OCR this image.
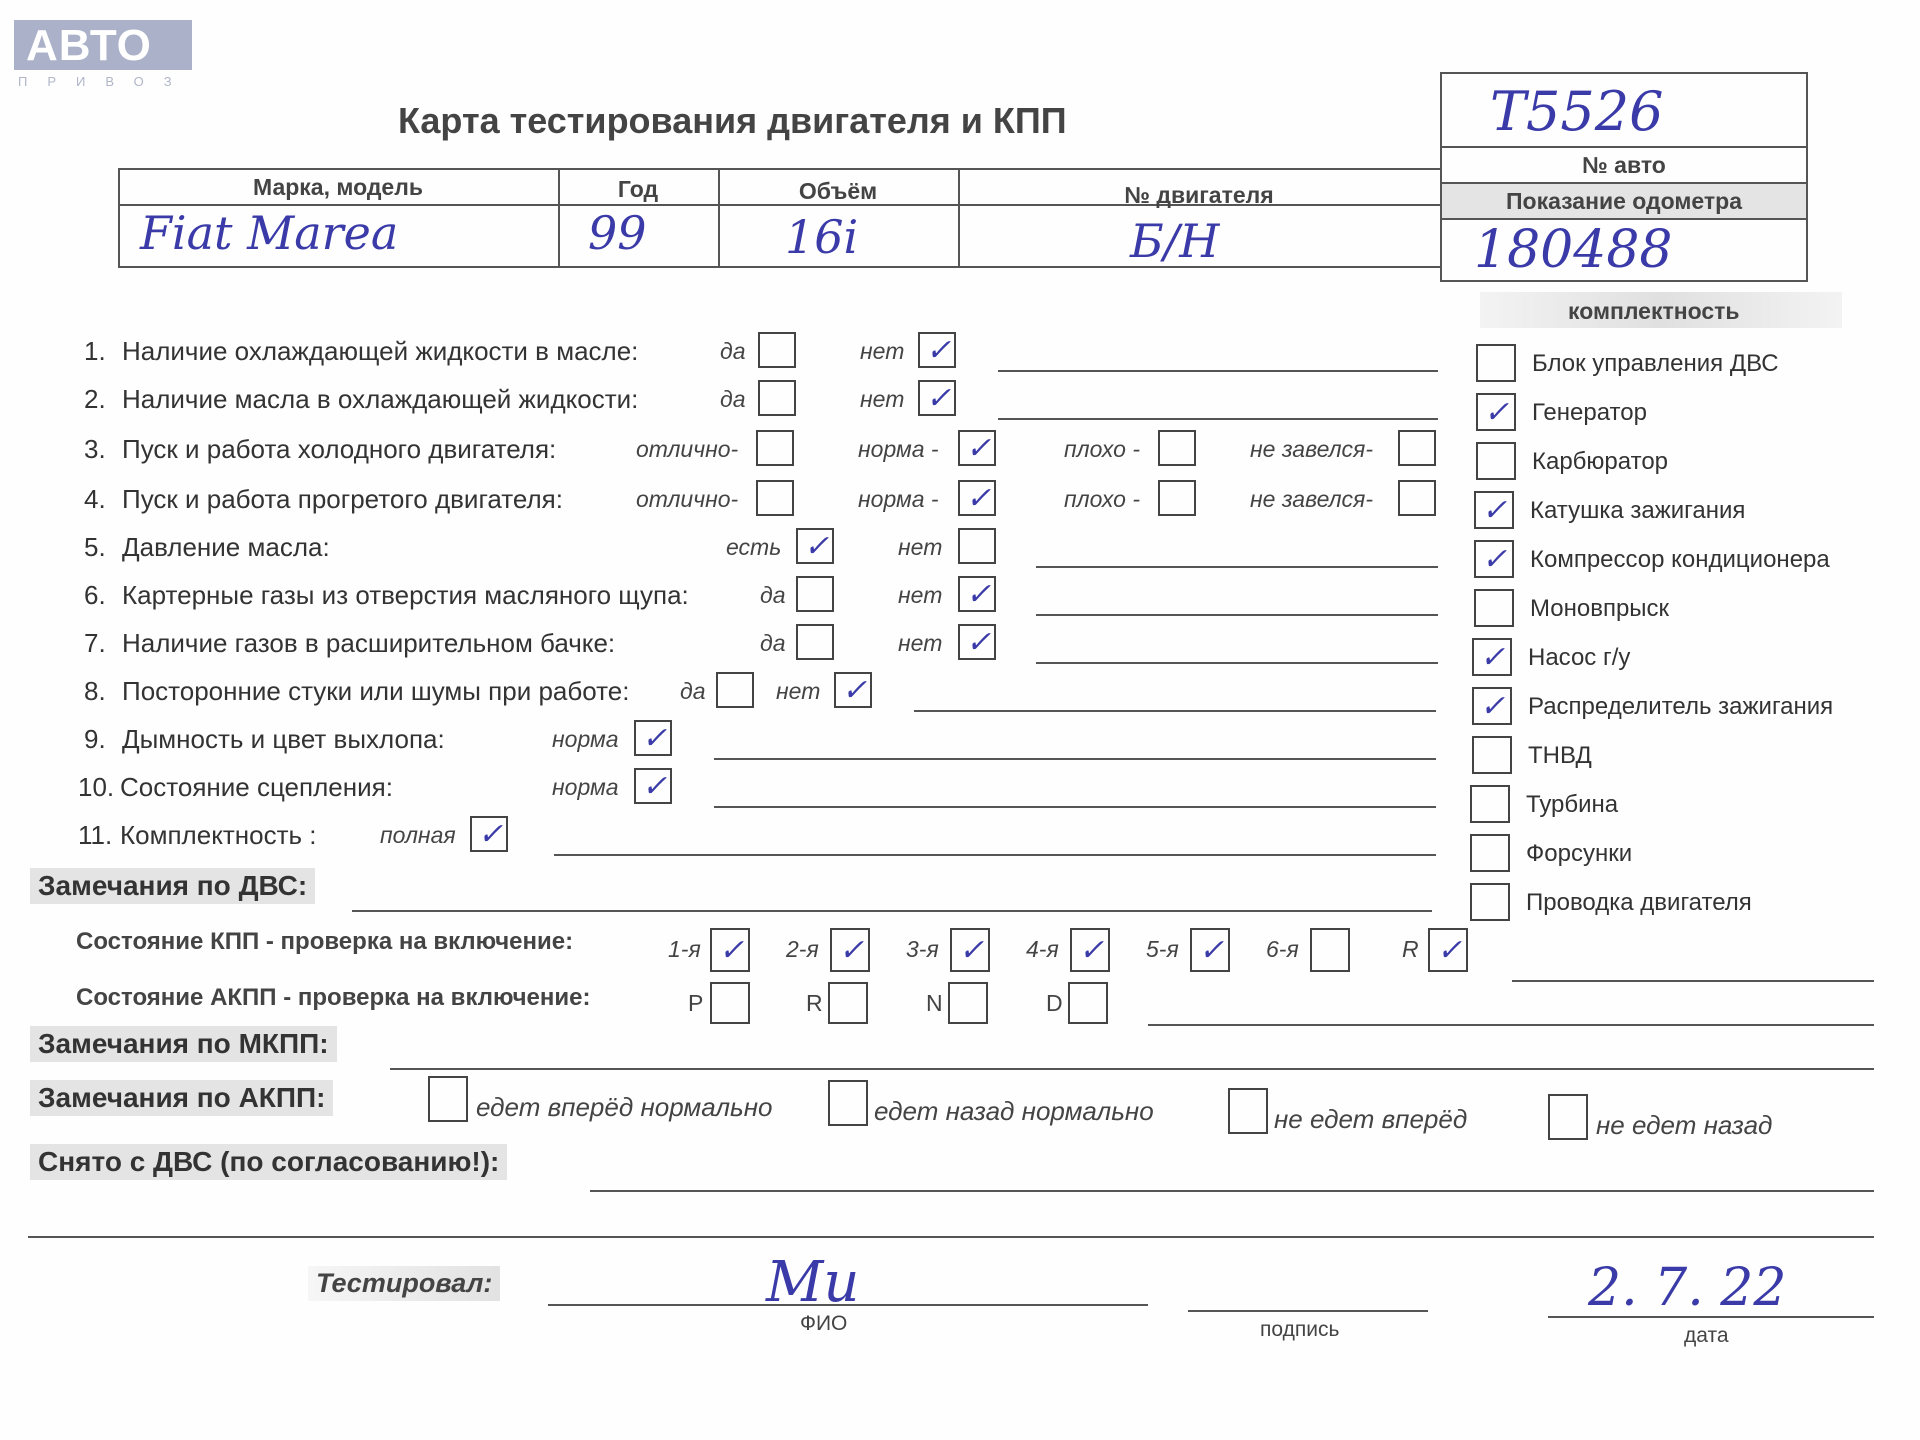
АВТО ™
ПРИВОЗ
Карта тестирования двигателя и КПП	T5526
№ авто
Показание одометра
180488
Марка, модель	Год	Объём	№ двигателя
Fiat Marea	99	16i	Б/Н
1. Наличие охлаждающей жидкости в масле:	да	нет ✓
2. Наличие масла в охлаждающей жидкости:	да	нет ✓
3. Пуск и работа холодного двигателя:	отлично-	норма - ✓	плохо -	не завелся-
4. Пуск и работа прогретого двигателя:	отлично-	норма - ✓	плохо -	не завелся-
5. Давление масла:	есть ✓	нет
6. Картерные газы из отверстия масляного щупа:	да	нет ✓
7. Наличие газов в расширительном бачке:	да	нет ✓
8. Посторонние стуки или шумы при работе: да	нет ✓
9. Дымность и цвет выхлопа:	норма ✓
10. Состояние сцепления:	норма ✓
11. Комплектность :	полная ✓
комплектность
Блок управления ДВС
✓ Генератор
Карбюратор
✓ Катушка зажигания
✓ Компрессор кондиционера
Моновпрыск
✓ Насос г/у
✓ Распределитель зажигания
ТНВД
Турбина
Форсунки
Проводка двигателя
Замечания по ДВС:
Состояние КПП - проверка на включение:	1-я ✓ 2-я ✓ 3-я ✓ 4-я ✓ 5-я ✓ 6-я	R ✓
Состояние АКПП - проверка на включение:	P	R	N	D
Замечания по МКПП:
Замечания по АКПП:	едет вперёд нормально	едет назад нормально	не едет вперёд	не едет назад
Снято с ДВС (по согласованию!):
Тестировал:	Ми	2. 7. 22
ФИО	подпись	дата
